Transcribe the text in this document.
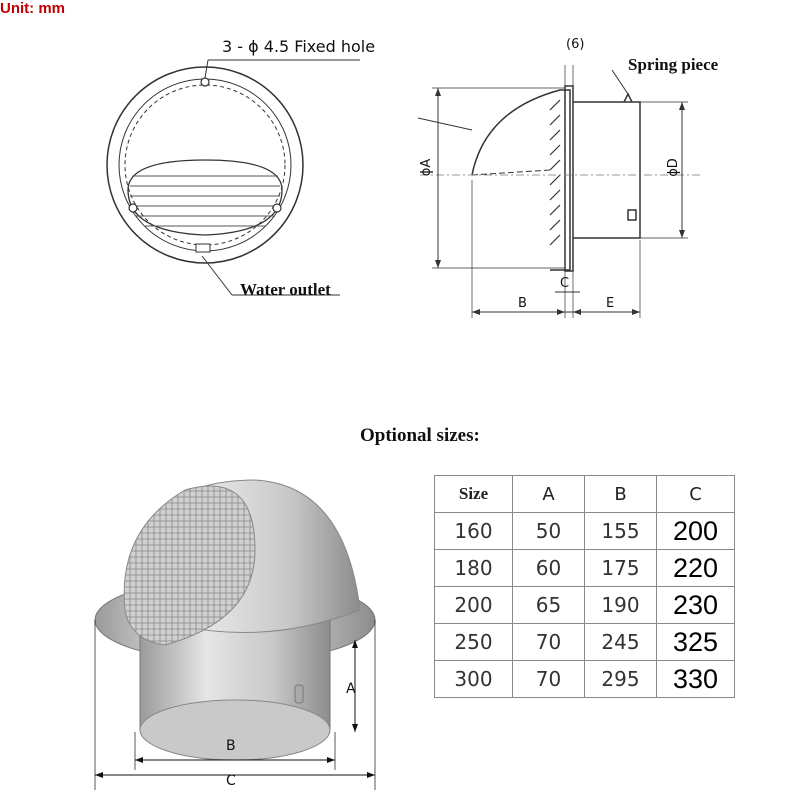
3 - ϕ 4.5 Fixed hole
Water outlet
(6)
Spring piece
ϕA	ϕD
B
C
E
Optional sizes:
A
B
C
Size	A	B	C
160	50	155	200
180	60	175	220
200	65	190	230
250	70	245	325
300	70	295	330
Unit: mm
